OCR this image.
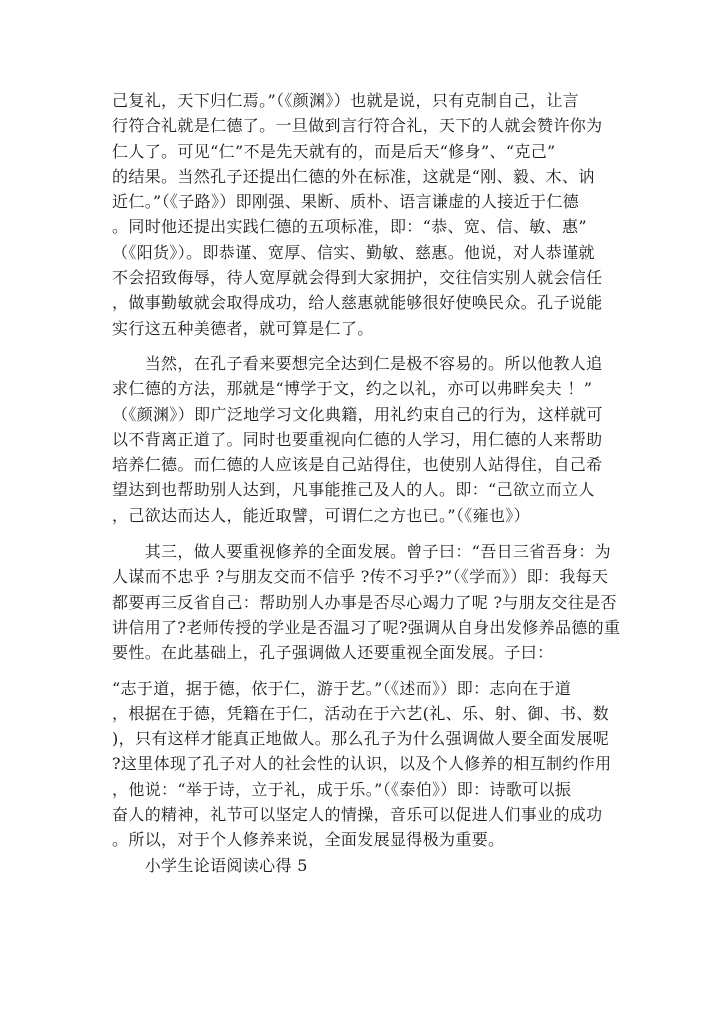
己复礼，天下归仁焉。”（《颜渊》）也就是说，只有克制自己，让言
行符合礼就是仁德了。一旦做到言行符合礼，天下的人就会赞许你为
仁人了。可见“仁”不是先天就有的，而是后天“修身”、“克己”
的结果。当然孔子还提出仁德的外在标准，这就是“刚、毅、木、讷
近仁。”（《子路》）即刚强、果断、质朴、语言谦虚的人接近于仁德
。同时他还提出实践仁德的五项标准，即：“恭、宽、信、敏、惠”
（《阳货》）。即恭谨、宽厚、信实、勤敏、慈惠。他说，对人恭谨就
不会招致侮辱，待人宽厚就会得到大家拥护，交往信实别人就会信任
，做事勤敏就会取得成功，给人慈惠就能够很好使唤民众。孔子说能
实行这五种美德者，就可算是仁了。
　　当然，在孔子看来要想完全达到仁是极不容易的。所以他教人追
求仁德的方法，那就是“博学于文，约之以礼，亦可以弗畔矣夫 ！”
（《颜渊》）即广泛地学习文化典籍，用礼约束自己的行为，这样就可
以不背离正道了。同时也要重视向仁德的人学习，用仁德的人来帮助
培养仁德。而仁德的人应该是自己站得住，也使别人站得住，自己希
望达到也帮助别人达到，凡事能推己及人的人。即：“己欲立而立人
，己欲达而达人，能近取譬，可谓仁之方也已。”（《雍也》）
　　其三，做人要重视修养的全面发展。曾子曰：“吾日三省吾身：为
人谋而不忠乎 ?与朋友交而不信乎 ?传不习乎?”（《学而》）即：我每天
都要再三反省自己：帮助别人办事是否尽心竭力了呢 ?与朋友交往是否
讲信用了?老师传授的学业是否温习了呢?强调从自身出发修养品德的重
要性。在此基础上，孔子强调做人还要重视全面发展。子曰：
“志于道，据于德，依于仁，游于艺。”（《述而》）即：志向在于道
，根据在于德，凭籍在于仁，活动在于六艺(礼、乐、射、御、书、数
)，只有这样才能真正地做人。那么孔子为什么强调做人要全面发展呢
?这里体现了孔子对人的社会性的认识，以及个人修养的相互制约作用
，他说：“举于诗，立于礼，成于乐。”（《泰伯》）即：诗歌可以振
奋人的精神，礼节可以坚定人的情操，音乐可以促进人们事业的成功
。所以，对于个人修养来说，全面发展显得极为重要。
　　小学生论语阅读心得 5
